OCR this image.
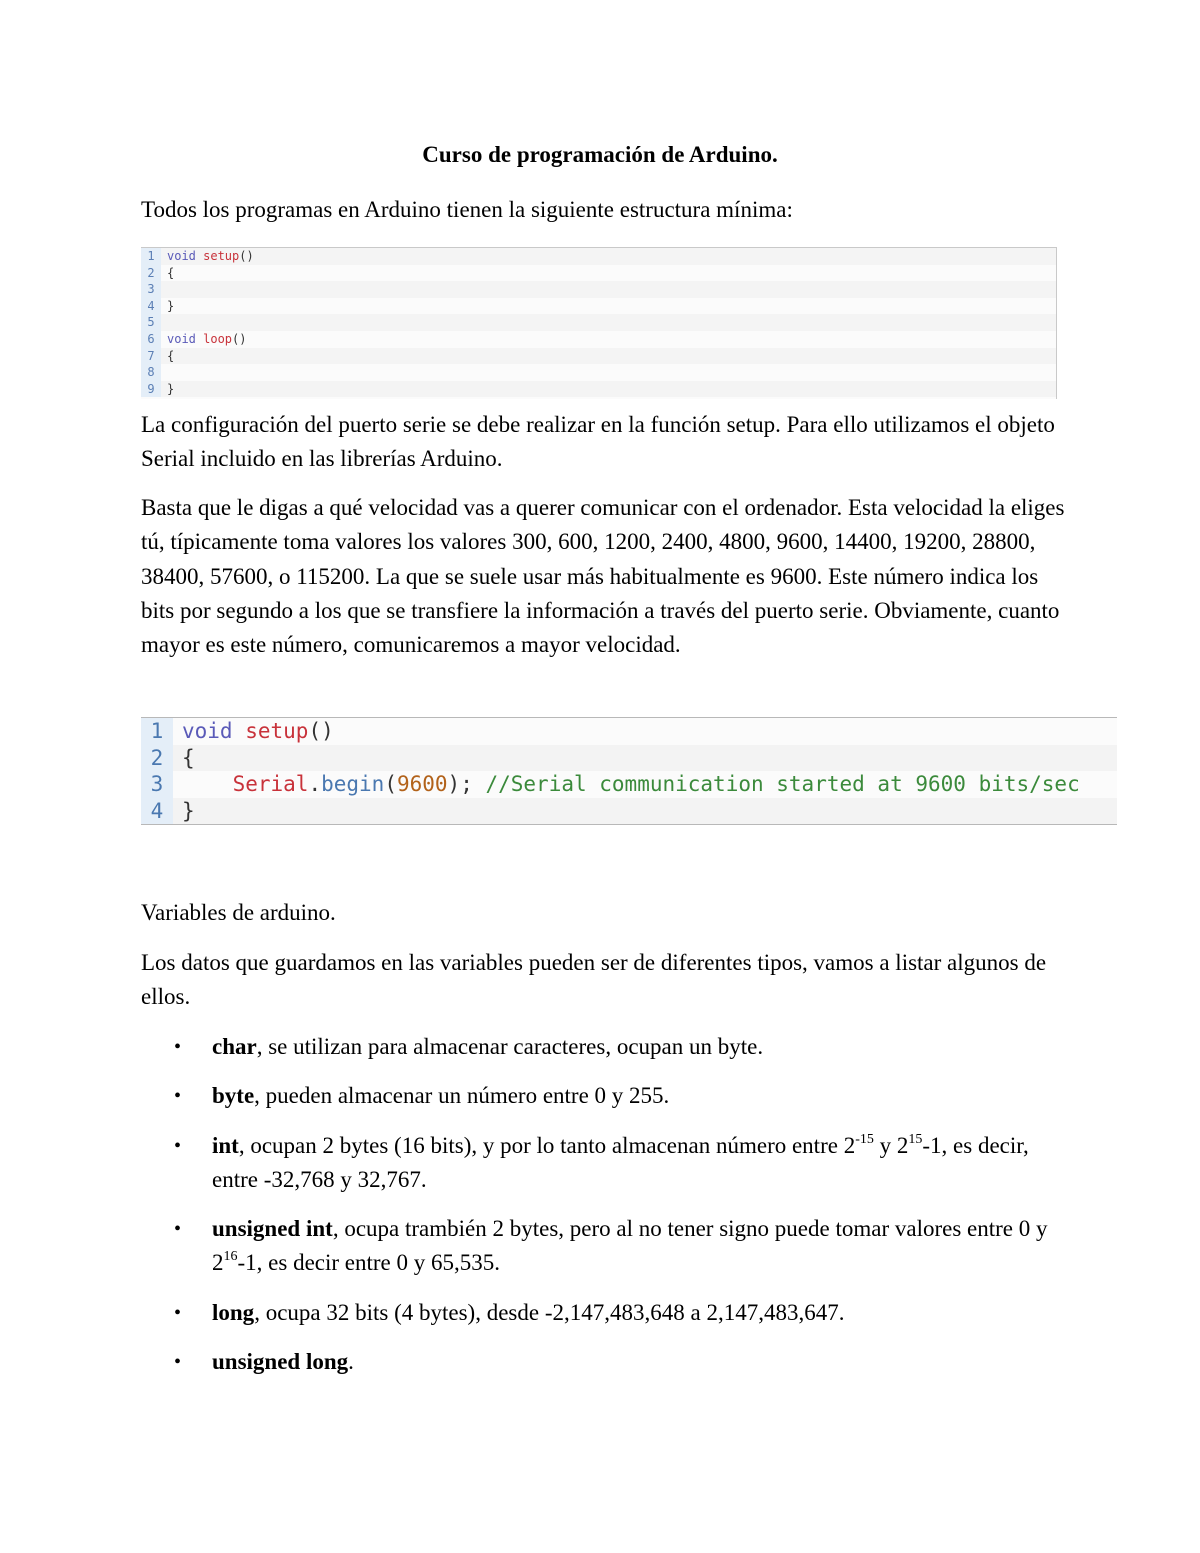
Curso de programación de Arduino.

Todos los programas en Arduino tienen la siguiente estructura mínima:

1	void setup()
2	{
3
4	}
5
6	void loop()
7	{
8
9	}

La configuración del puerto serie se debe realizar en la función setup. Para ello utilizamos el objeto Serial incluido en las librerías Arduino.

Basta que le digas a qué velocidad vas a querer comunicar con el ordenador. Esta velocidad la eliges tú, típicamente toma valores los valores 300, 600, 1200, 2400, 4800, 9600, 14400, 19200, 28800, 38400, 57600, o 115200. La que se suele usar más habitualmente es 9600. Este número indica los bits por segundo a los que se transfiere la información a través del puerto serie. Obviamente, cuanto mayor es este número, comunicaremos a mayor velocidad.

1 void setup()
2 {
3	Serial.begin(9600); //Serial communication started at 9600 bits/sec
4 }

Variables de arduino.

Los datos que guardamos en las variables pueden ser de diferentes tipos, vamos a listar algunos de ellos.

• char, se utilizan para almacenar caracteres, ocupan un byte.
• byte, pueden almacenar un número entre 0 y 255.
• int, ocupan 2 bytes (16 bits), y por lo tanto almacenan número entre $2^{-15}$ y $2^{15}-1$, es decir, entre -32,768 y 32,767.
• unsigned int, ocupa trambién 2 bytes, pero al no tener signo puede tomar valores entre 0 y $2^{16}-1$, es decir entre 0 y 65,535.
• long, ocupa 32 bits (4 bytes), desde -2,147,483,648 a 2,147,483,647.
• unsigned long.
